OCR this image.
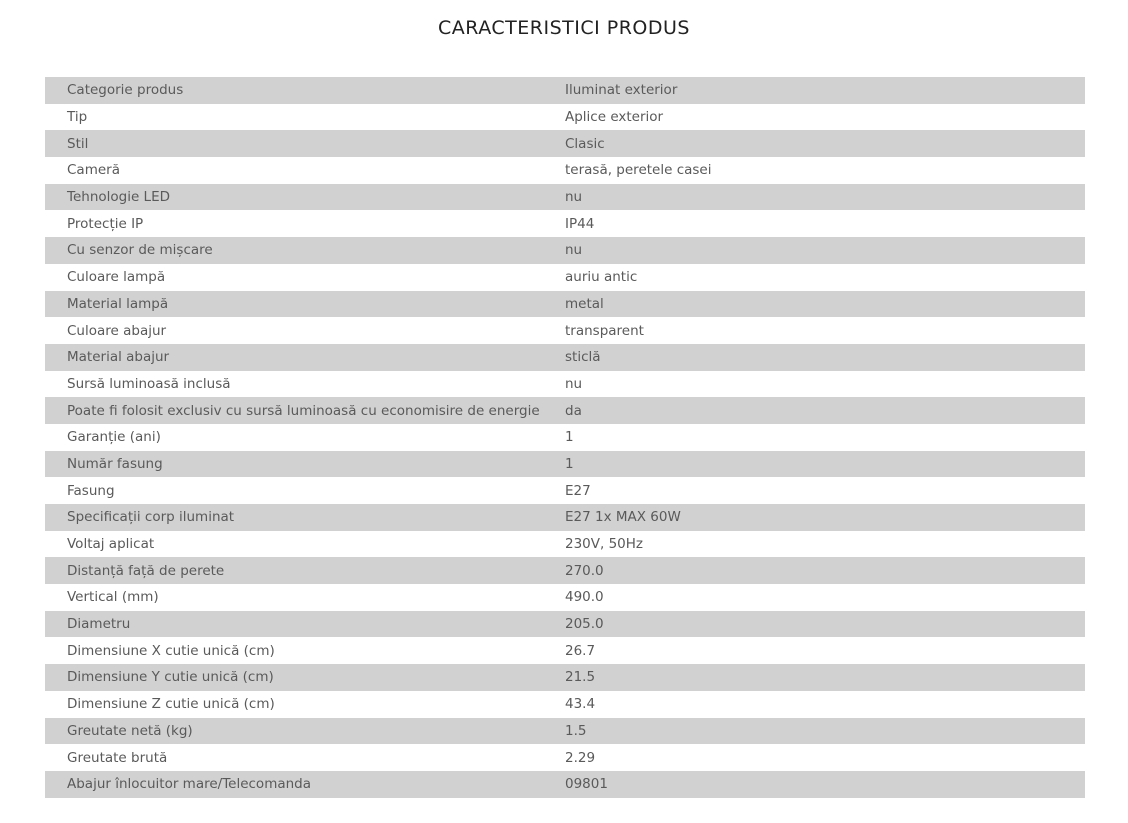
CARACTERISTICI PRODUS
Categorie produs	Iluminat exterior
Tip	Aplice exterior
Stil	Clasic
Cameră	terasă, peretele casei
Tehnologie LED	nu
Protecție IP	IP44
Cu senzor de mișcare	nu
Culoare lampă	auriu antic
Material lampă	metal
Culoare abajur	transparent
Material abajur	sticlă
Sursă luminoasă inclusă	nu
Poate fi folosit exclusiv cu sursă luminoasă cu economisire de energie	da
Garanție (ani)	1
Număr fasung	1
Fasung	E27
Specificații corp iluminat	E27 1x MAX 60W
Voltaj aplicat	230V, 50Hz
Distanță față de perete	270.0
Vertical (mm)	490.0
Diametru	205.0
Dimensiune X cutie unică (cm)	26.7
Dimensiune Y cutie unică (cm)	21.5
Dimensiune Z cutie unică (cm)	43.4
Greutate netă (kg)	1.5
Greutate brută	2.29
Abajur înlocuitor mare/Telecomanda	09801
